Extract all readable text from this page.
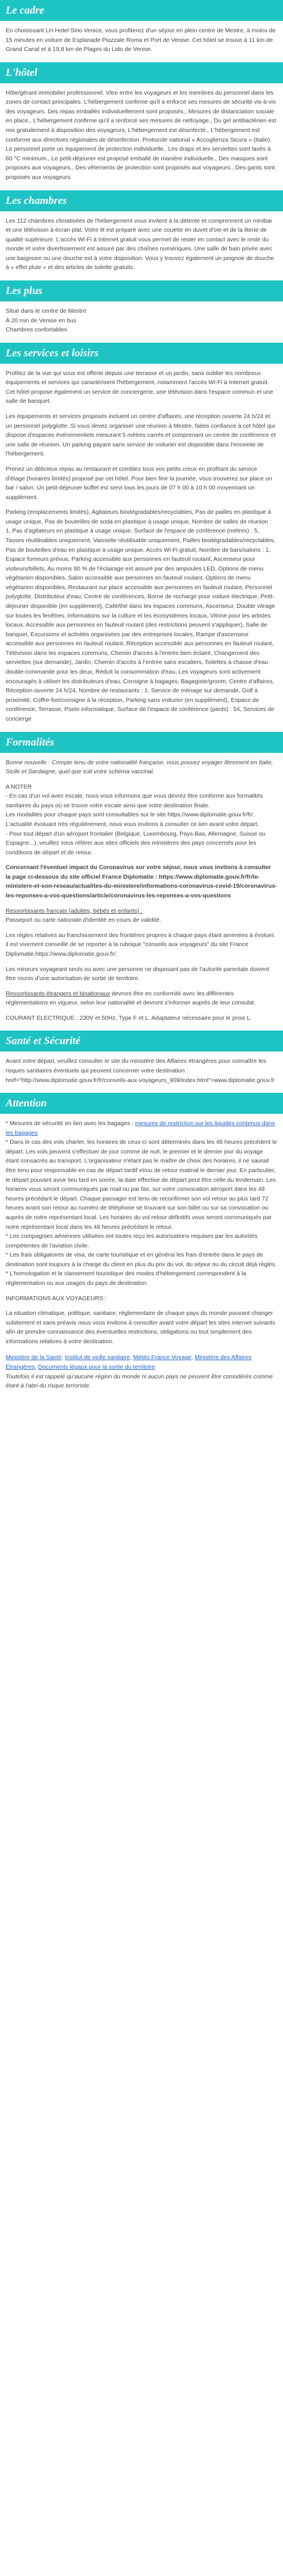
Le cadre

En choisissant LH Hotel Sirio Venice, vous profiterez d'un séjour en plein centre de Mestre, à moins de 15 minutes en voiture de Esplanade Piazzale Roma et Port de Venise. Cet hôtel se trouve à 11 km de Grand Canal et à 19,8 km de Plages du Lido de Venise.

L'hôtel

Hôte/gérant immobilier professionnel. Vitre entre les voyageurs et les membres du personnel dans les zones de contact principales. L'hébergement confirme qu'il a enforcé ses mesures de sécurité vis-à-vis des voyageurs. Des repas emballés individuellement sont proposés., Mesures de distanciation sociale en place., L'hébergement confirme qu'il a renforcé ses mesures de nettoyage., Du gel antibactérien est mis gratuitement à disposition des voyageurs, L'hébergement est désinfecté., L'hébergement est conforme aux directives régionales de désinfection. Protocole national « Accoglienza Sicura » (Italie). Le personnel porte un équipement de protection individuelle.. Les draps et les serviettes sont lavés à 60 °C minimum., Le petit-déjeuner est proposé emballé de manière individuelle., Des masques sont proposés aux voyageurs., Des vêtements de protection sont proposés aux voyageurs., Des gants sont proposés aux voyageurs

Les chambres

Les 112 chambres climatisées de l'hébergement vous invitent à la détente et comprennent un minibar et une télévision à écran plat. Votre lit est préparé avec une couette en duvet d'oie et de la literie de qualité supérieure. L'accès Wi-Fi à Internet gratuit vous permet de rester en contact avec le reste du monde et votre divertissement est assuré par des chaînes numériques. Une salle de bain privée avec une baignoire ou une douche est à votre disposition. Vous y trouvez également un peignoir de douche à « effet pluie » et des articles de toilette gratuits.

Les plus
Situé dans le centre de Mestre
À 20 min de Venise en bus
Chambres confortables
Les services et loisirs

Profitez de la vue qui vous est offerte depuis une terrasse et un jardin, sans oublier les nombreux équipements et services qui caractérisent l'hébergement, notamment l'accès Wi-Fi à Internet gratuit. Cet hôtel propose également un service de conciergerie, une télévision dans l'espace commun et une salle de banquet.

Les équipements et services proposés incluent un centre d'affaires, une réception ouverte 24 h/24 et un personnel polyglotte. Si vous devez organiser une réunion à Mestre, faites confiance à cet hôtel qui dispose d'espaces événementiels mesurant 5 mètres carrés et comprenant un centre de conférence et une salle de réunion. Un parking payant sans service de voiturier est disponible dans l'enceinte de l'hébergement.

Prenez un délicieux repas au restaurant et comblez tous vos petits creux en profitant du service d'étage (horaires limités) proposé par cet hôtel. Pour bien finir la journée, vous trouverez sur place un bar / salon. Un petit-déjeuner buffet est servi tous les jours de 07 h 00 à 10 h 00 moyennant un supplément.

Parking (emplacements limités), Agitateurs biodégradables/recyclables, Pas de pailles en plastique à usage unique, Pas de bouteilles de soda en plastique à usage unique, Nombre de salles de réunion : 1, Pas d'agitateurs en plastique à usage unique, Surface de l'espace de conférence (mètres) : 5, Tasses réutilisables uniquement, Vaisselle réutilisable uniquement, Pailles biodégradables/recyclables, Pas de bouteilles d'eau en plastique à usage unique, Accès Wi-Fi gratuit, Nombre de bars/salons : 1, Espace fumeurs prévus, Parking accessible aux personnes en fauteuil roulant, Ascenseur pour visiteurs/billets, Au moins 80 % de l'éclairage est assuré par des ampoules LED, Options de menu végétarien disponibles, Salon accessible aux personnes en fauteuil roulant, Options de menu végétarien disponibles, Restaurant sur place accessible aux personnes en fauteuil roulant, Personnel polyglotte, Distributeur d'eau, Centre de conférences, Borne de recharge pour voiture électrique, Petit-déjeuner disponible (en supplément), Café/thé dans les espaces communs, Ascenseur, Double vitrage sur toutes les fenêtres, Informations sur la culture et les écosystèmes locaux, Vitrine pour les artistes locaux, Accessible aux personnes en fauteuil roulant (des restrictions peuvent s'appliquer), Salle de banquet, Excursions et activités organisées par des entreprises locales, Rampe d'ascenseur accessible aux personnes en fauteuil roulant, Réception accessible aux personnes en fauteuil roulant, Télévision dans les espaces communs, Chemin d'accès à l'entrée bien éclairé, Changement des serviettes (sur demande), Jardin, Chemin d'accès à l'entrée sans escaliers, Toilettes à chasse d'eau double-commande pour les deux, Réduit la consommation d'eau, Les voyageurs sont activement encouragés à utiliser les distributeurs d'eau, Consigne à bagages, Bagagiste/groom, Centre d'affaires, Réception ouverte 24 h/24, Nombre de restaurants : 1, Service de ménage sur demande, Golf à proximité, Coffre-fort/consigne à la réception, Parking sans voiturier (en supplément), Espace de conférence, Terrasse, Poste informatique, Surface de l'espace de conférence (pieds) : 54, Services de concierge

Formalités

Bonne nouvelle : Compte tenu de votre nationalité française, vous pouvez voyager librement en Italie, Sicile et Sardaigne, quel que soit votre schéma vaccinal.

A NOTER
- En cas d'un vol avec escale, nous vous informons que vous devrez être conforme aux formalités sanitaires du pays où se trouve votre escale ainsi que votre destination finale.
Les modalités pour chaque pays sont consultables sur le site https://www.diplomatie.gouv.fr/fr/. L'actualité évoluant très régulièrement, nous vous invitons à consulter ce lien avant votre départ.
- Pour tout départ d'un aéroport frontalier (Belgique, Luxembourg, Pays-Bas, Allemagne, Suisse ou Espagne...), veuillez vous référer aux sites officiels des ministères des pays concernés pour les conditions de départ et de retour.

Concernant l'éventuel impact du Coronavirus sur votre séjour, nous vous invitons à consulter la page ci-dessous du site officiel France Diplomatie : https://www.diplomatie.gouv.fr/fr/le-ministere-et-son-reseau/actualites-du-ministere/informations-coronavirus-covid-19/coronavirus-les-reponses-a-vos-questions/article/coronavirus-les-reponses-a-vos-questions

Ressortissants français (adultes, bébés et enfants) :
Passeport ou carte nationale d'identité en cours de validité.

Les règles relatives au franchissement des frontières propres à chaque pays étant amenées à évoluer, il est vivement conseillé de se reporter à la rubrique "conseils aux voyageurs" du site France Diplomatie,https://www.diplomatie.gouv.fr/.

Les mineurs voyageant seuls ou avec une personne ne disposant pas de l'autorité parentale doivent être munis d'une autorisation de sortie de territoire.

Ressortissants étrangers et binationaux devront être en conformité avec les différentes réglementations en vigueur, selon leur nationalité et devront s'informer auprès de leur consulat.

COURANT ELECTRIQUE : 230V et 50Hz. Type F et L. Adaptateur nécessaire pour le prise L.

Santé et Sécurité

Avant votre départ, veuillez consulter le site du ministère des Affaires étrangères pour connaître les risques sanitaires éventuels qui peuvent concerner votre destination : href="http://www.diplomatie.gouv.fr/fr/conseils-aux-voyageurs_909/index.html">www.diplomatie.gouv.fr

Attention

* Mesures de sécurité en lien avec les bagages : mesures de restriction sur les liquides contenus dans les bagages
* Dans le cas des vols charter, les horaires de ceux-ci sont déterminés dans les 48 heures précédent le départ. Les vols peuvent s'effectuer de jour comme de nuit, le premier et le dernier jour du voyage étant consacrés au transport. L'organisateur n'étant pas le maître de choix des horaires, il ne saurait être tenu pour responsable en cas de départ tardif et/ou de retour matinal le dernier jour. En particulier, le départ pouvant avoir lieu tard en soirée, la date effective de départ peut être celle du lendemain. Les horaires vous seront communiqués par mail ou par fax, sur votre convocation aéroport dans les 48 heures précédant le départ. Chaque passager est tenu de reconfirmer son vol retour au plus tard 72 heures avant son retour au numéro de téléphone se trouvant sur son billet ou sur sa convocation ou auprès de notre représentant local. Les horaires du vol retour définitifs vous seront communiqués par notre représentant local dans les 48 heures précédant le retour.
* Les compagnies aériennes utilisées ont toutes reçu les autorisations requises par les autorités compétentes de l'aviation civile.
* Les frais obligatoires de visa, de carte touristique et en général les frais d'entrée dans le pays de destination sont toujours à la charge du client en plus du prix du vol, du séjour ou du circuit déjà réglés.
* L'homologation et le classement touristique des modes d'hébergement correspondent à la réglementation ou aux usages du pays de destination.

INFORMATIONS AUX VOYAGEURS :

La situation climatique, politique, sanitaire, réglementaire de chaque pays du monde pouvant changer subitement et sans préavis nous vous invitons à consulter avant votre départ les sites internet suivants afin de prendre connaissance des éventuelles restrictions, obligations ou tout simplement des informations relatives à votre destination.

Ministère de la Santé, Institut de veille sanitaire, Météo France Voyage, Ministère des Affaires Étrangères, Documents légaux pour la sortie du territoire

Toutefois il est rappelé qu'aucune région du monde ni aucun pays ne peuvent être considérés comme étant à l'abri du risque terroriste.
